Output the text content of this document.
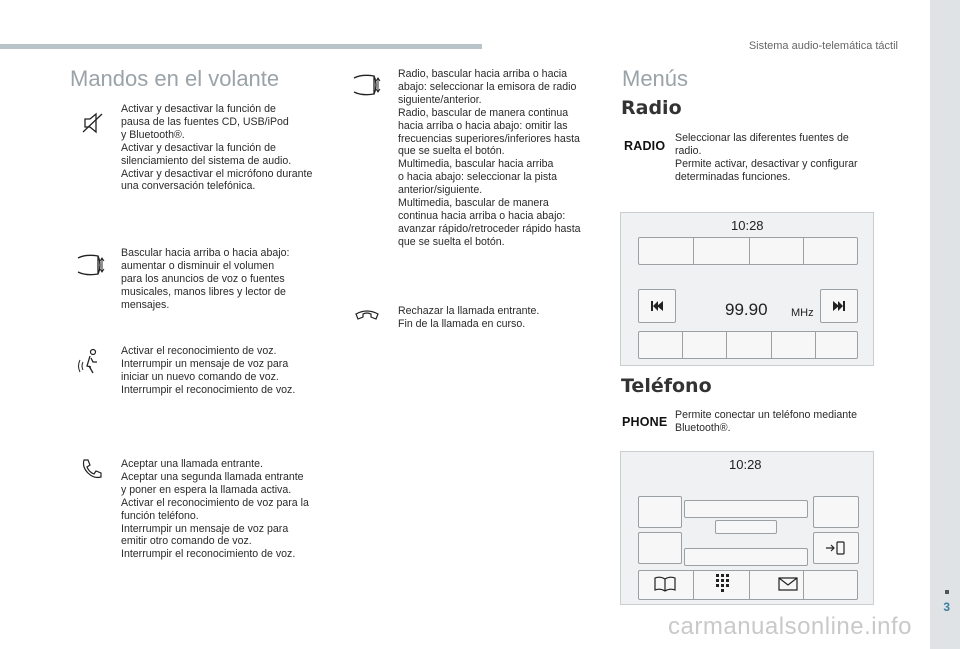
Sistema audio-telemática táctil
3
Mandos en el volante
Activar y desactivar la función de
pausa de las fuentes CD, USB/iPod
y Bluetooth®.
Activar y desactivar la función de
silenciamiento del sistema de audio.
Activar y desactivar el micrófono durante
una conversación telefónica.
Bascular hacia arriba o hacia abajo:
aumentar o disminuir el volumen
para los anuncios de voz o fuentes
musicales, manos libres y lector de
mensajes.
Activar el reconocimiento de voz.
Interrumpir un mensaje de voz para
iniciar un nuevo comando de voz.
Interrumpir el reconocimiento de voz.
Aceptar una llamada entrante.
Aceptar una segunda llamada entrante
y poner en espera la llamada activa.
Activar el reconocimiento de voz para la
función teléfono.
Interrumpir un mensaje de voz para
emitir otro comando de voz.
Interrumpir el reconocimiento de voz.
Radio, bascular hacia arriba o hacia
abajo: seleccionar la emisora de radio
siguiente/anterior.
Radio, bascular de manera continua
hacia arriba o hacia abajo: omitir las
frecuencias superiores/inferiores hasta
que se suelta el botón.
Multimedia, bascular hacia arriba
o hacia abajo: seleccionar la pista
anterior/siguiente.
Multimedia, bascular de manera
continua hacia arriba o hacia abajo:
avanzar rápido/retroceder rápido hasta
que se suelta el botón.
Rechazar la llamada entrante.
Fin de la llamada en curso.
Menús
Radio
RADIO
Seleccionar las diferentes fuentes de
radio.
Permite activar, desactivar y configurar
determinadas funciones.
10:28
99.90 MHz
Teléfono
PHONE Permite conectar un teléfono mediante
Bluetooth®.
10:28
carmanualsonline.info
